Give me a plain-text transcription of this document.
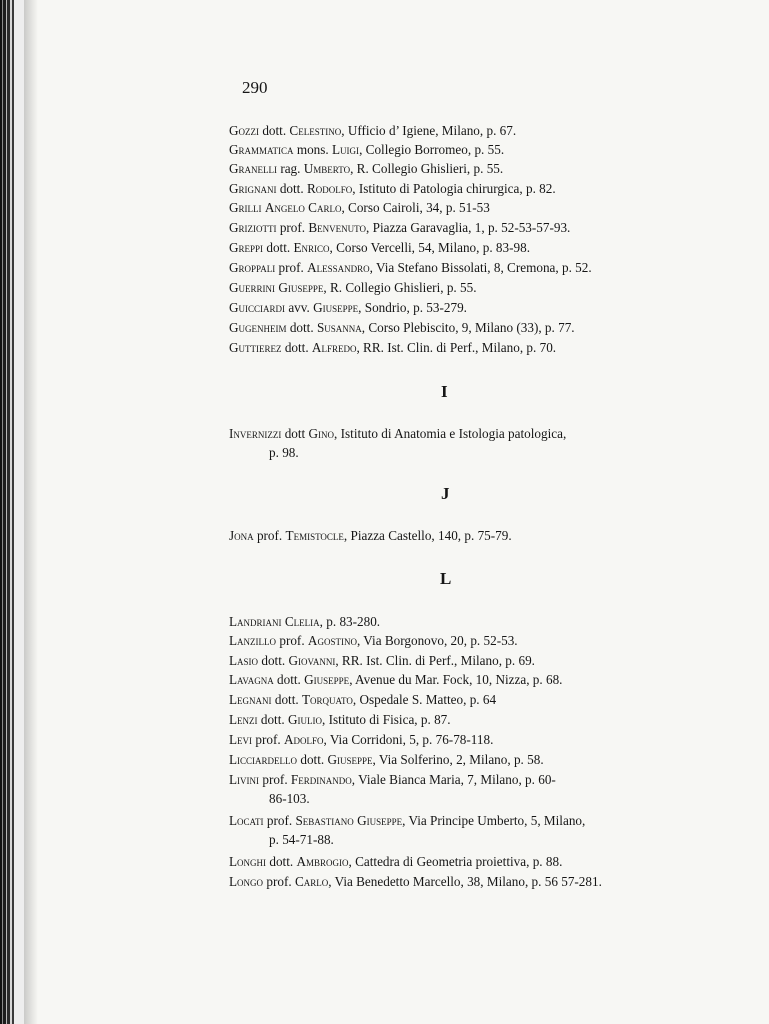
290
Gozzi dott. Celestino, Ufficio d’ Igiene, Milano, p. 67.
Grammatica mons. Luigi, Collegio Borromeo, p. 55.
Granelli rag. Umberto, R. Collegio Ghislieri, p. 55.
Grignani dott. Rodolfo, Istituto di Patologia chirurgica, p. 82.
Grilli Angelo Carlo, Corso Cairoli, 34, p. 51-53
Griziotti prof. Benvenuto, Piazza Garavaglia, 1, p. 52-53-57-93.
Greppi dott. Enrico, Corso Vercelli, 54, Milano, p. 83-98.
Groppali prof. Alessandro, Via Stefano Bissolati, 8, Cremona, p. 52.
Guerrini Giuseppe, R. Collegio Ghislieri, p. 55.
Guicciardi avv. Giuseppe, Sondrio, p. 53-279.
Gugenheim dott. Susanna, Corso Plebiscito, 9, Milano (33), p. 77.
Guttierez dott. Alfredo, RR. Ist. Clin. di Perf., Milano, p. 70.
I
Invernizzi dott Gino, Istituto di Anatomia e Istologia patologica,
p. 98.
J
Jona prof. Temistocle, Piazza Castello, 140, p. 75-79.
L
Landriani Clelia, p. 83-280.
Lanzillo prof. Agostino, Via Borgonovo, 20, p. 52-53.
Lasio dott. Giovanni, RR. Ist. Clin. di Perf., Milano, p. 69.
Lavagna dott. Giuseppe, Avenue du Mar. Fock, 10, Nizza, p. 68.
Legnani dott. Torquato, Ospedale S. Matteo, p. 64
Lenzi dott. Giulio, Istituto di Fisica, p. 87.
Levi prof. Adolfo, Via Corridoni, 5, p. 76-78-118.
Licciardello dott. Giuseppe, Via Solferino, 2, Milano, p. 58.
Livini prof. Ferdinando, Viale Bianca Maria, 7, Milano, p. 60-
86-103.
Locati prof. Sebastiano Giuseppe, Via Principe Umberto, 5, Milano,
p. 54-71-88.
Longhi dott. Ambrogio, Cattedra di Geometria proiettiva, p. 88.
Longo prof. Carlo, Via Benedetto Marcello, 38, Milano, p. 56 57-281.
